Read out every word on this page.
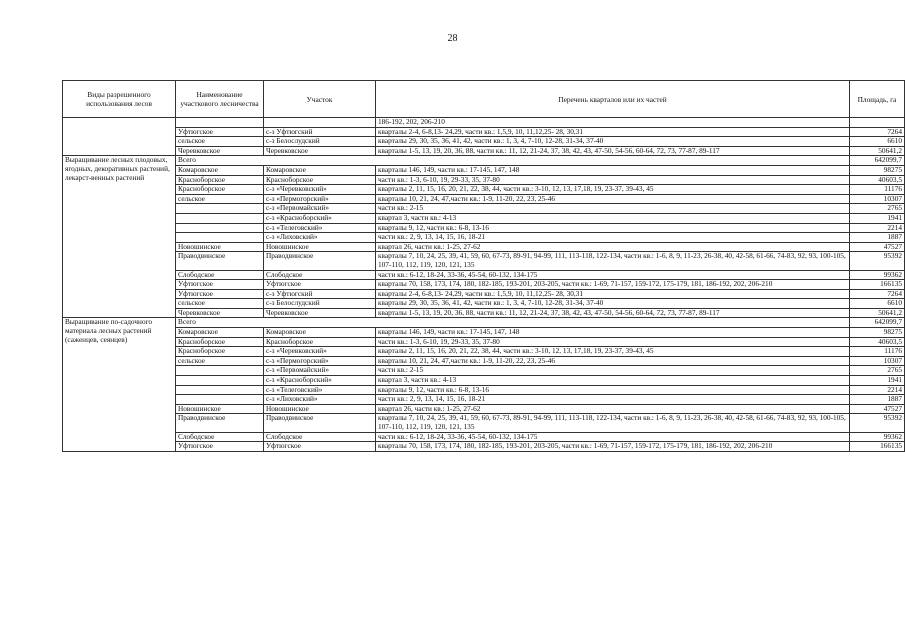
28
Виды разрешенного использования лесов	Наименование участкового лесничества	Участок	Перечень кварталов или их частей	Площадь, га
			186-192, 202, 206-210	
	Уфтюгское	с-з Уфтюгский	кварталы 2-4, 6-8,13- 24,29, части кв.: 1,5,9, 10, 11,12,25- 28, 30,31	7264
	сельское	с-з Белослудский	кварталы 29, 30, 35, 36, 41, 42, части кв.: 1, 3, 4, 7-10, 12-28, 31-34, 37-40	6610
	Черевковское	Черевковское	кварталы 1-5, 13, 19, 20, 36, 88, части кв.: 11, 12, 21-24, 37, 38, 42, 43, 47-50, 54-56, 60-64, 72, 73, 77-87, 89-117	50641,2
Выращивание лесных плодовых, ягодных, декоративных растений, лекарст-венных растений	Всего			642099,7
	Комаровское	Комаровское	кварталы 146, 149, части кв.: 17-145, 147, 148	98275
	Красноборское	Красноборское	части кв.: 1-3, 6-10, 19, 29-33, 35, 37-80	40603,5
	Красноборское	с-з «Черевковский»	кварталы 2, 11, 15, 16, 20, 21, 22, 38, 44, части кв.: 3-10, 12, 13, 17,18, 19, 23-37, 39-43, 45	11176
	сельское	с-з «Пермогорский»	кварталы 10, 21, 24, 47,части кв.: 1-9, 11-20, 22, 23, 25-46	10307
		с-з «Первомайский»	части кв.: 2-15	2765
		с-з «Красноборский»	квартал 3, части кв.: 4-13	1941
		с-з «Телеговский»	кварталы 9, 12, части кв.: 6-8, 13-16	2214
		с-з «Лиховский»	части кв.: 2, 9, 13, 14, 15, 16, 18-21	1887
	Новошинское	Новошинское	квартал 26, части кв.: 1-25, 27-62	47527
	Праводвинское	Праводвинское	кварталы 7, 10, 24, 25, 39, 41, 59, 60, 67-73, 89-91, 94-99, 111, 113-118, 122-134, части кв.: 1-6, 8, 9, 11-23, 26-38, 40, 42-58, 61-66, 74-83, 92, 93, 100-105, 107-110, 112, 119, 120, 121, 135	95392
	Слободское	Слободское	части кв.: 6-12, 18-24, 33-36, 45-54, 60-132, 134-175	99362
	Уфтюгское	Уфтюгское	кварталы 70, 158, 173, 174, 180, 182-185, 193-201, 203-205, части кв.: 1-69, 71-157, 159-172, 175-179, 181, 186-192, 202, 206-210	166135
	Уфтюгское	с-з Уфтюгский	кварталы 2-4, 6-8,13- 24,29, части кв.: 1,5,9, 10, 11,12,25- 28, 30,31	7264
	сельское	с-з Белослудский	кварталы 29, 30, 35, 36, 41, 42, части кв.: 1, 3, 4, 7-10, 12-28, 31-34, 37-40	6610
	Черевковское	Черевковское	кварталы 1-5, 13, 19, 20, 36, 88, части кв.: 11, 12, 21-24, 37, 38, 42, 43, 47-50, 54-56, 60-64, 72, 73, 77-87, 89-117	50641,2
Выращивание по-садочного материала лесных растений (саженцев, сеянцев)	Всего			642099,7
	Комаровское	Комаровское	кварталы 146, 149, части кв.: 17-145, 147, 148	98275
	Красноборское	Красноборское	части кв.: 1-3, 6-10, 19, 29-33, 35, 37-80	40603,5
	Красноборское	с-з «Черевковский»	кварталы 2, 11, 15, 16, 20, 21, 22, 38, 44, части кв.: 3-10, 12, 13, 17,18, 19, 23-37, 39-43, 45	11176
	сельское	с-з «Пермогорский»	кварталы 10, 21, 24, 47,части кв.: 1-9, 11-20, 22, 23, 25-46	10307
		с-з «Первомайский»	части кв.: 2-15	2765
		с-з «Красноборский»	квартал 3, части кв.: 4-13	1941
		с-з «Телеговский»	кварталы 9, 12, части кв.: 6-8, 13-16	2214
		с-з «Лиховский»	части кв.: 2, 9, 13, 14, 15, 16, 18-21	1887
	Новошинское	Новошинское	квартал 26, части кв.: 1-25, 27-62	47527
	Праводвинское	Праводвинское	кварталы 7, 10, 24, 25, 39, 41, 59, 60, 67-73, 89-91, 94-99, 111, 113-118, 122-134, части кв.: 1-6, 8, 9, 11-23, 26-38, 40, 42-58, 61-66, 74-83, 92, 93, 100-105, 107-110, 112, 119, 120, 121, 135	95392
	Слободское	Слободское	части кв.: 6-12, 18-24, 33-36, 45-54, 60-132, 134-175	99362
	Уфтюгское	Уфтюгское	кварталы 70, 158, 173, 174, 180, 182-185, 193-201, 203-205, части кв.: 1-69, 71-157, 159-172, 175-179, 181, 186-192, 202, 206-210	166135
